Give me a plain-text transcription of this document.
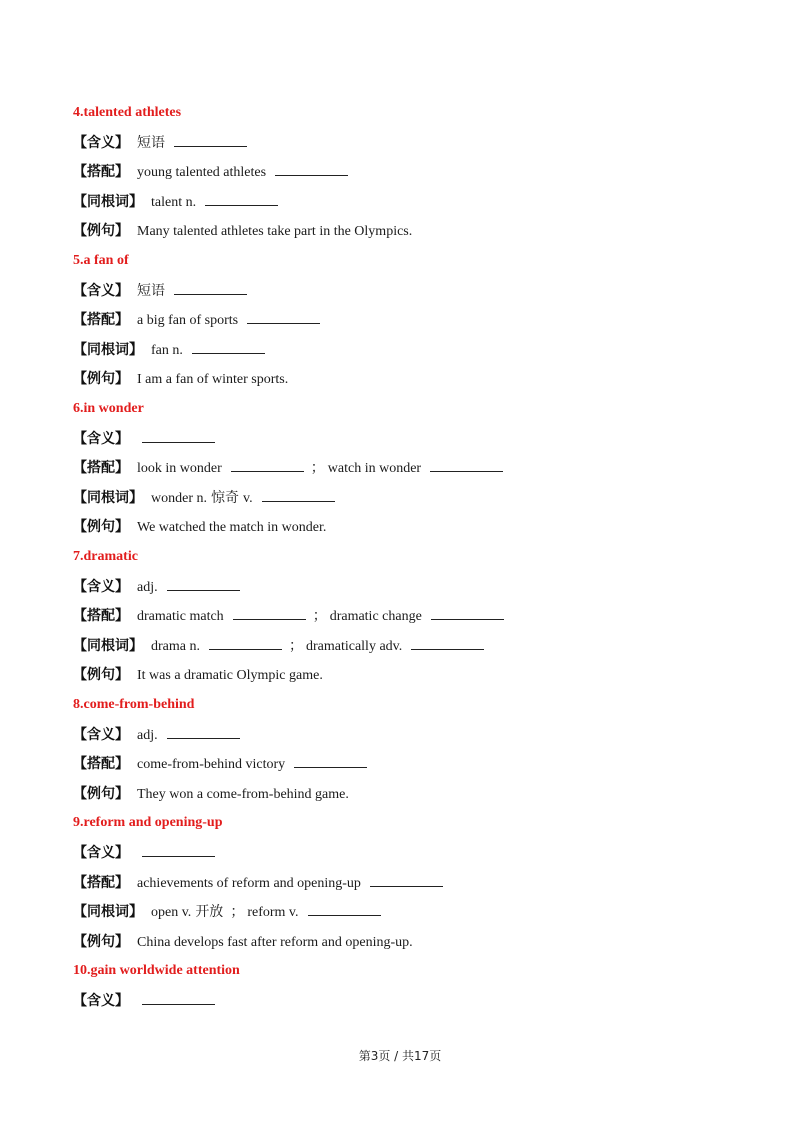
4.talented athletes
【含义】 短语
【搭配】 young talented athletes
【同根词】 talent n.
【例句】 Many talented athletes take part in the Olympics.
5.a fan of
【含义】 短语
【搭配】 a big fan of sports
【同根词】 fan n.
【例句】 I am a fan of winter sports.
6.in wonder
【含义】
【搭配】 look in wonder	； watch in wonder
【同根词】 wonder n. 惊奇 v.
【例句】 We watched the match in wonder.
7.dramatic
【含义】 adj.
【搭配】 dramatic match	； dramatic change
【同根词】 drama n.	； dramatically adv.
【例句】 It was a dramatic Olympic game.
8.come-from-behind
【含义】 adj.
【搭配】 come-from-behind victory
【例句】 They won a come-from-behind game.
9.reform and opening-up
【含义】
【搭配】 achievements of reform and opening-up
【同根词】 open v. 开放 ； reform v.
【例句】 China develops fast after reform and opening-up.
10.gain worldwide attention
【含义】
第3页 / 共17页
